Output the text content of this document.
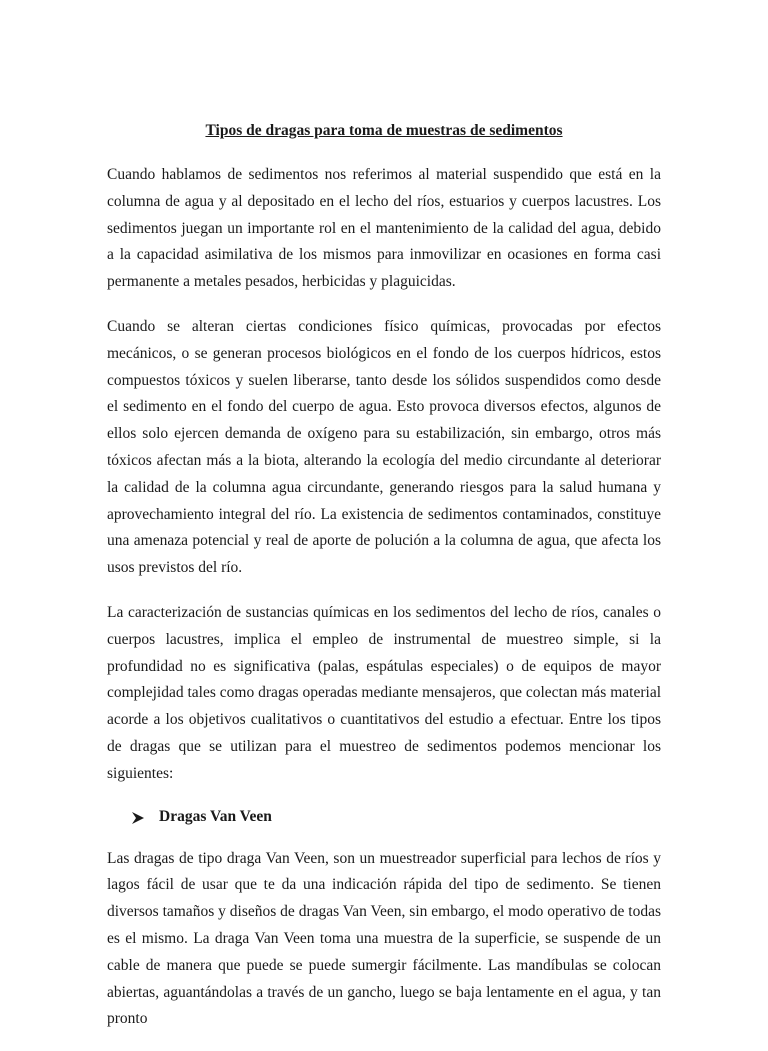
Tipos de dragas para toma de muestras de sedimentos

Cuando hablamos de sedimentos nos referimos al material suspendido que está en la columna de agua y al depositado en el lecho del ríos, estuarios y cuerpos lacustres. Los sedimentos juegan un importante rol en el mantenimiento de la calidad del agua, debido a la capacidad asimilativa de los mismos para inmovilizar en ocasiones en forma casi permanente a metales pesados, herbicidas y plaguicidas.

Cuando se alteran ciertas condiciones físico químicas, provocadas por efectos mecánicos, o se generan procesos biológicos en el fondo de los cuerpos hídricos, estos compuestos tóxicos y suelen liberarse, tanto desde los sólidos suspendidos como desde el sedimento en el fondo del cuerpo de agua. Esto provoca diversos efectos, algunos de ellos solo ejercen demanda de oxígeno para su estabilización, sin embargo, otros más tóxicos afectan más a la biota, alterando la ecología del medio circundante al deteriorar la calidad de la columna agua circundante, generando riesgos para la salud humana y aprovechamiento integral del río. La existencia de sedimentos contaminados, constituye una amenaza potencial y real de aporte de polución a la columna de agua, que afecta los usos previstos del río.

La caracterización de sustancias químicas en los sedimentos del lecho de ríos, canales o cuerpos lacustres, implica el empleo de instrumental de muestreo simple, si la profundidad no es significativa (palas, espátulas especiales) o de equipos de mayor complejidad tales como dragas operadas mediante mensajeros, que colectan más material acorde a los objetivos cualitativos o cuantitativos del estudio a efectuar. Entre los tipos de dragas que se utilizan para el muestreo de sedimentos podemos mencionar los siguientes:

Dragas Van Veen

Las dragas de tipo draga Van Veen, son un muestreador superficial para lechos de ríos y lagos fácil de usar que te da una indicación rápida del tipo de sedimento. Se tienen diversos tamaños y diseños de dragas Van Veen, sin embargo, el modo operativo de todas es el mismo. La draga Van Veen toma una muestra de la superficie, se suspende de un cable de manera que puede se puede sumergir fácilmente. Las mandíbulas se colocan abiertas, aguantándolas a través de un gancho, luego se baja lentamente en el agua, y tan pronto
